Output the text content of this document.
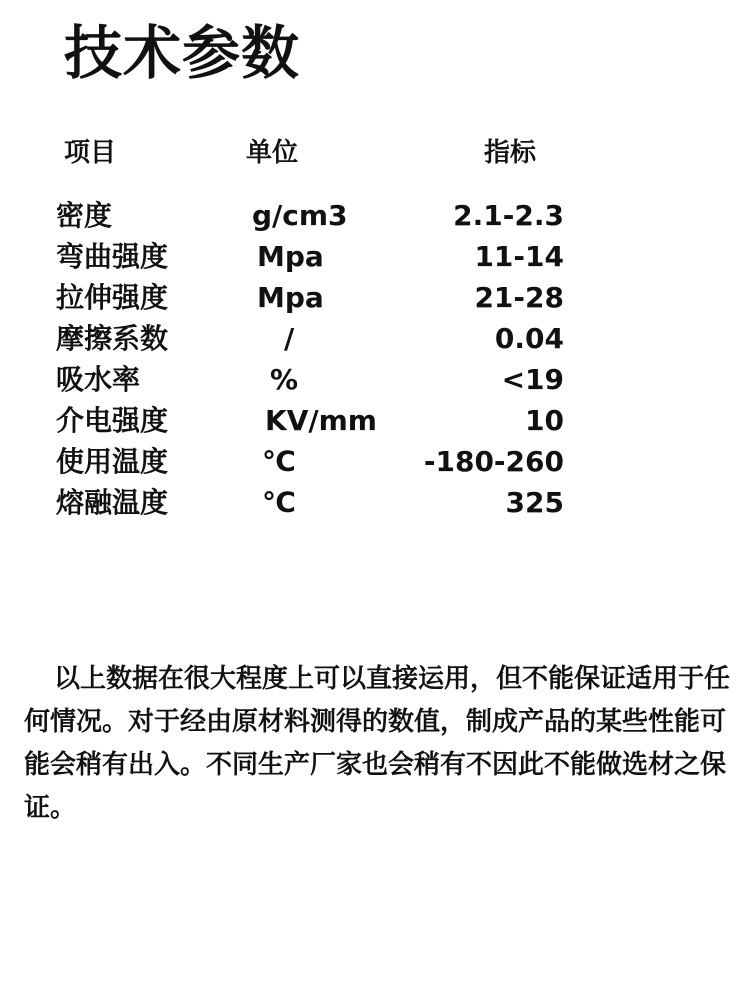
技术参数
项目	单位	指标
密度	g/cm3	2.1-2.3
弯曲强度	Mpa	11-14
拉伸强度	Mpa	21-28
摩擦系数	/	0.04
吸水率	%	<19
介电强度	KV/mm	10
使用温度	℃	-180-260
熔融温度	℃	325
以上数据在很大程度上可以直接运用，但不能保证适用于任何情况。对于经由原材料测得的数值，制成产品的某些性能可能会稍有出入。不同生产厂家也会稍有不因此不能做选材之保证。
